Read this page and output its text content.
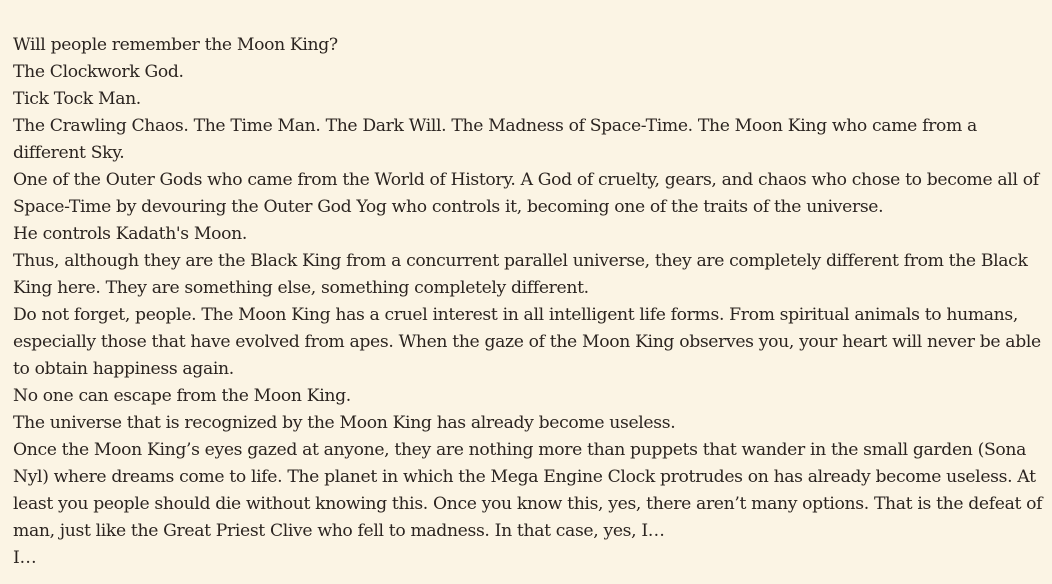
Will people remember the Moon King?

The Clockwork God.

Tick Tock Man.

The Crawling Chaos. The Time Man. The Dark Will. The Madness of Space-Time. The Moon King who came from a different Sky.

One of the Outer Gods who came from the World of History. A God of cruelty, gears, and chaos who chose to become all of Space-Time by devouring the Outer God Yog who controls it, becoming one of the traits of the universe.

He controls Kadath's Moon.

Thus, although they are the Black King from a concurrent parallel universe, they are completely different from the Black King here. They are something else, something completely different.

Do not forget, people. The Moon King has a cruel interest in all intelligent life forms. From spiritual animals to humans, especially those that have evolved from apes. When the gaze of the Moon King observes you, your heart will never be able to obtain happiness again.

No one can escape from the Moon King.

The universe that is recognized by the Moon King has already become useless.

Once the Moon King’s eyes gazed at anyone, they are nothing more than puppets that wander in the small garden (Sona Nyl) where dreams come to life. The planet in which the Mega Engine Clock protrudes on has already become useless. At least you people should die without knowing this. Once you know this, yes, there aren’t many options. That is the defeat of man, just like the Great Priest Clive who fell to madness. In that case, yes, I…

I…
